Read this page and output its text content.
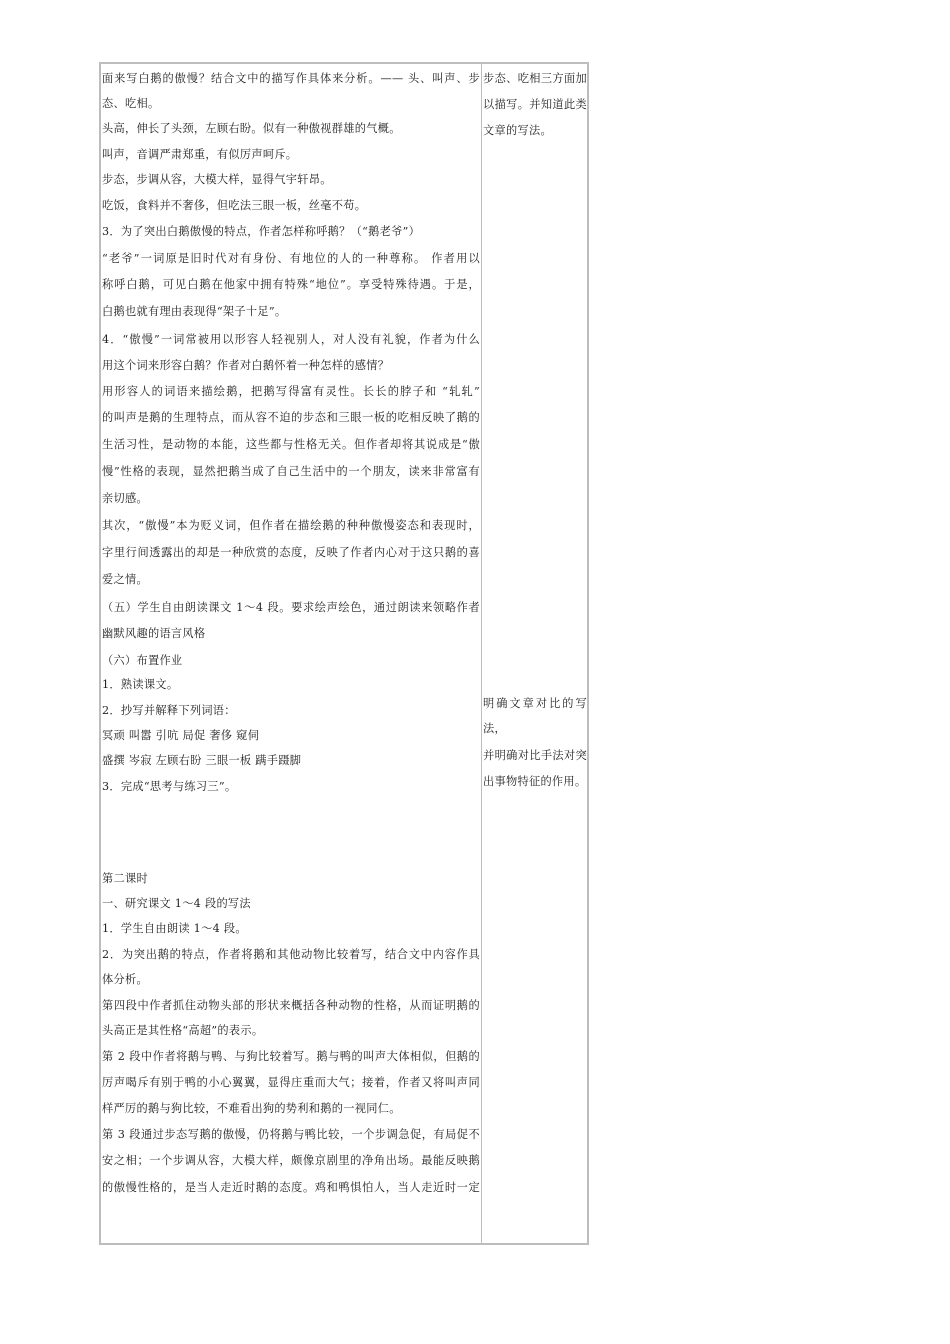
面来写白鹅的傲慢？结合文中的描写作具体来分析。—— 头、叫声、步
态、吃相。
头高，伸长了头颈，左顾右盼。似有一种傲视群雄的气概。
叫声，音调严肃郑重，有似厉声呵斥。
步态，步调从容，大模大样，显得气宇轩昂。
吃饭，食料并不奢侈，但吃法三眼一板，丝毫不苟。
3．为了突出白鹅傲慢的特点，作者怎样称呼鹅？（“鹅老爷”）
“老爷”一词原是旧时代对有身份、有地位的人的一种尊称。 作者用以
称呼白鹅，可见白鹅在他家中拥有特殊“地位”。享受特殊待遇。于是，
白鹅也就有理由表现得“架子十足”。
4．“傲慢”一词常被用以形容人轻视别人，对人没有礼貌，作者为什么
用这个词来形容白鹅？作者对白鹅怀着一种怎样的感情？
用形容人的词语来描绘鹅，把鹅写得富有灵性。长长的脖子和 “轧轧”
的叫声是鹅的生理特点，而从容不迫的步态和三眼一板的吃相反映了鹅的
生活习性，是动物的本能，这些都与性格无关。但作者却将其说成是“傲
慢”性格的表现，显然把鹅当成了自己生活中的一个朋友，读来非常富有
亲切感。
其次，“傲慢”本为贬义词，但作者在描绘鹅的种种傲慢姿态和表现时，
字里行间透露出的却是一种欣赏的态度，反映了作者内心对于这只鹅的喜
爱之情。
（五）学生自由朗读课文 1～4 段。要求绘声绘色，通过朗读来领略作者
幽默风趣的语言风格
（六）布置作业
1．熟读课文。
2．抄写并解释下列词语：
冥顽 叫嚣 引吭 局促 奢侈 窥伺
盛撰 岑寂 左顾右盼 三眼一板 蹒手蹑脚
3．完成“思考与练习三”。
第二课时
一、研究课文 1～4 段的写法
1．学生自由朗读 1～4 段。
2．为突出鹅的特点，作者将鹅和其他动物比较着写，结合文中内容作具
体分析。
第四段中作者抓住动物头部的形状来概括各种动物的性格，从而证明鹅的
头高正是其性格“高超”的表示。
第 2 段中作者将鹅与鸭、与狗比较着写。鹅与鸭的叫声大体相似，但鹅的
厉声喝斥有别于鸭的小心翼翼，显得庄重而大气；接着，作者又将叫声同
样严厉的鹅与狗比较，不难看出狗的势利和鹅的一视同仁。
第 3 段通过步态写鹅的傲慢，仍将鹅与鸭比较，一个步调急促，有局促不
安之相；一个步调从容，大模大样，颇像京剧里的净角出场。最能反映鹅
的傲慢性格的，是当人走近时鹅的态度。鸡和鸭惧怕人，当人走近时一定
步态、吃相三方面加
以描写。并知道此类
文章的写法。
明确文章对比的写
法，
并明确对比手法对突
出事物特征的作用。
